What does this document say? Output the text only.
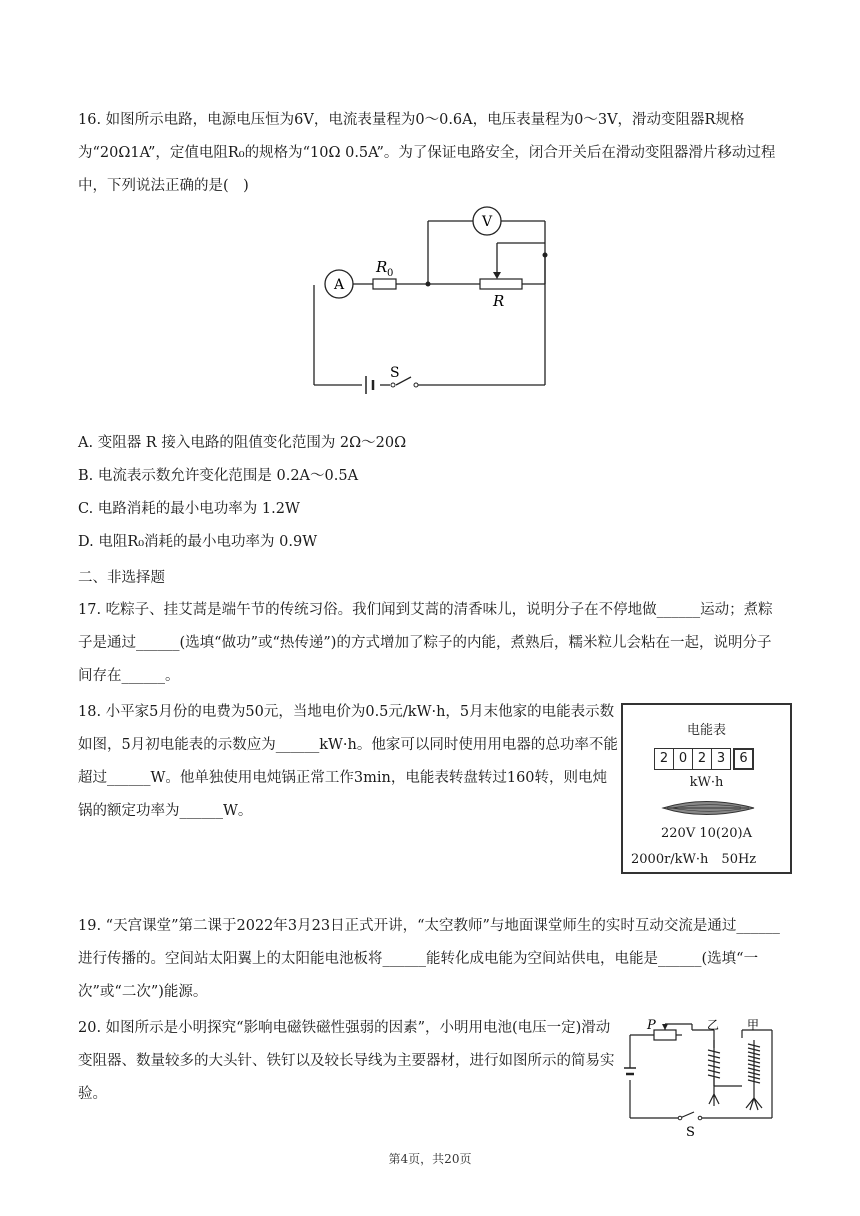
16. 如图所示电路，电源电压恒为6V，电流表量程为0～0.6A，电压表量程为0～3V，滑动变阻器R规格为“20Ω1A”，定值电阻R₀的规格为“10Ω 0.5A”。为了保证电路安全，闭合开关后在滑动变阻器滑片移动过程中，下列说法正确的是(　)

A
V
R 0
R
S

A. 变阻器 R 接入电路的阻值变化范围为 2Ω～20Ω

B. 电流表示数允许变化范围是 0.2A～0.5A

C. 电路消耗的最小电功率为 1.2W

D. 电阻R₀消耗的最小电功率为 0.9W

二、非选择题

17. 吃粽子、挂艾蒿是端午节的传统习俗。我们闻到艾蒿的清香味儿，说明分子在不停地做______运动；煮粽子是通过______(选填“做功”或“热传递”)的方式增加了粽子的内能，煮熟后，糯米粒儿会粘在一起，说明分子间存在______。

18. 小平家5月份的电费为50元，当地电价为0.5元/kW·h，5月末他家的电能表示数如图，5月初电能表的示数应为______kW·h。他家可以同时使用用电器的总功率不能超过______W。他单独使用电炖锅正常工作3min，电能表转盘转过160转，则电炖锅的额定功率为______W。

电能表
2 0 2 3	6
kW·h
220V 10(20)A
2000r/kW·h　50Hz

19. “天宫课堂”第二课于2022年3月23日正式开讲，“太空教师”与地面课堂师生的实时互动交流是通过______进行传播的。空间站太阳翼上的太阳能电池板将______能转化成电能为空间站供电，电能是______(选填“一次”或“二次”)能源。

20. 如图所示是小明探究“影响电磁铁磁性强弱的因素”，小明用电池(电压一定)滑动变阻器、数量较多的大头针、铁钉以及较长导线为主要器材，进行如图所示的简易实验。

P	乙 甲
S
第4页，共20页
